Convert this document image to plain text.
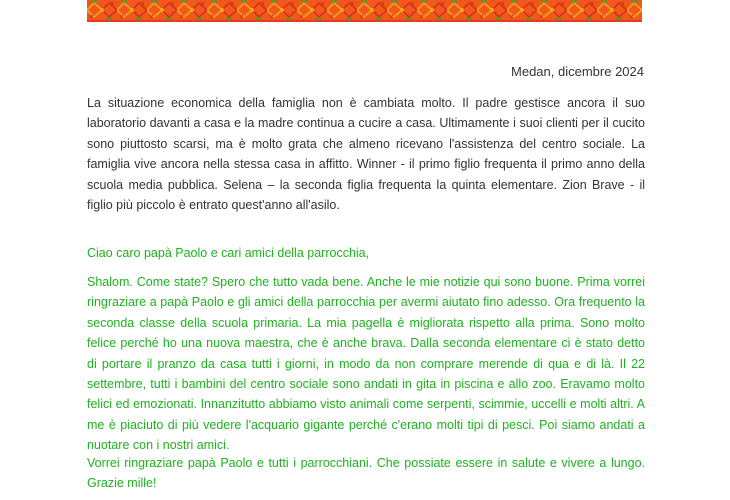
Medan, dicembre 2024

La situazione economica della famiglia non è cambiata molto. Il padre gestisce ancora il suo laboratorio davanti a casa e la madre continua a cucire a casa. Ultimamente i suoi clienti per il cucito sono piuttosto scarsi, ma è molto grata che almeno ricevano l'assistenza del centro sociale. La famiglia vive ancora nella stessa casa in affitto. Winner - il primo figlio frequenta il primo anno della scuola media pubblica. Selena – la seconda figlia frequenta la quinta elementare. Zion Brave - il figlio più piccolo è entrato quest'anno all'asilo.

Ciao caro papà Paolo e cari amici della parrocchia,

Shalom. Come state? Spero che tutto vada bene. Anche le mie notizie qui sono buone. Prima vorrei ringraziare a papà Paolo e gli amici della parrocchia per avermi aiutato fino adesso. Ora frequento la seconda classe della scuola primaria. La mia pagella è migliorata rispetto alla prima. Sono molto felice perché ho una nuova maestra, che è anche brava. Dalla seconda elementare ci è stato detto di portare il pranzo da casa tutti i giorni, in modo da non comprare merende di qua e di là. Il 22 settembre, tutti i bambini del centro sociale sono andati in gita in piscina e allo zoo. Eravamo molto felici ed emozionati. Innanzitutto abbiamo visto animali come serpenti, scimmie, uccelli e molti altri. A me è piaciuto di più vedere l'acquario gigante perché c'erano molti tipi di pesci. Poi siamo andati a nuotare con i nostri amici.

Vorrei ringraziare papà Paolo e tutti i parrocchiani. Che possiate essere in salute e vivere a lungo. Grazie mille!
